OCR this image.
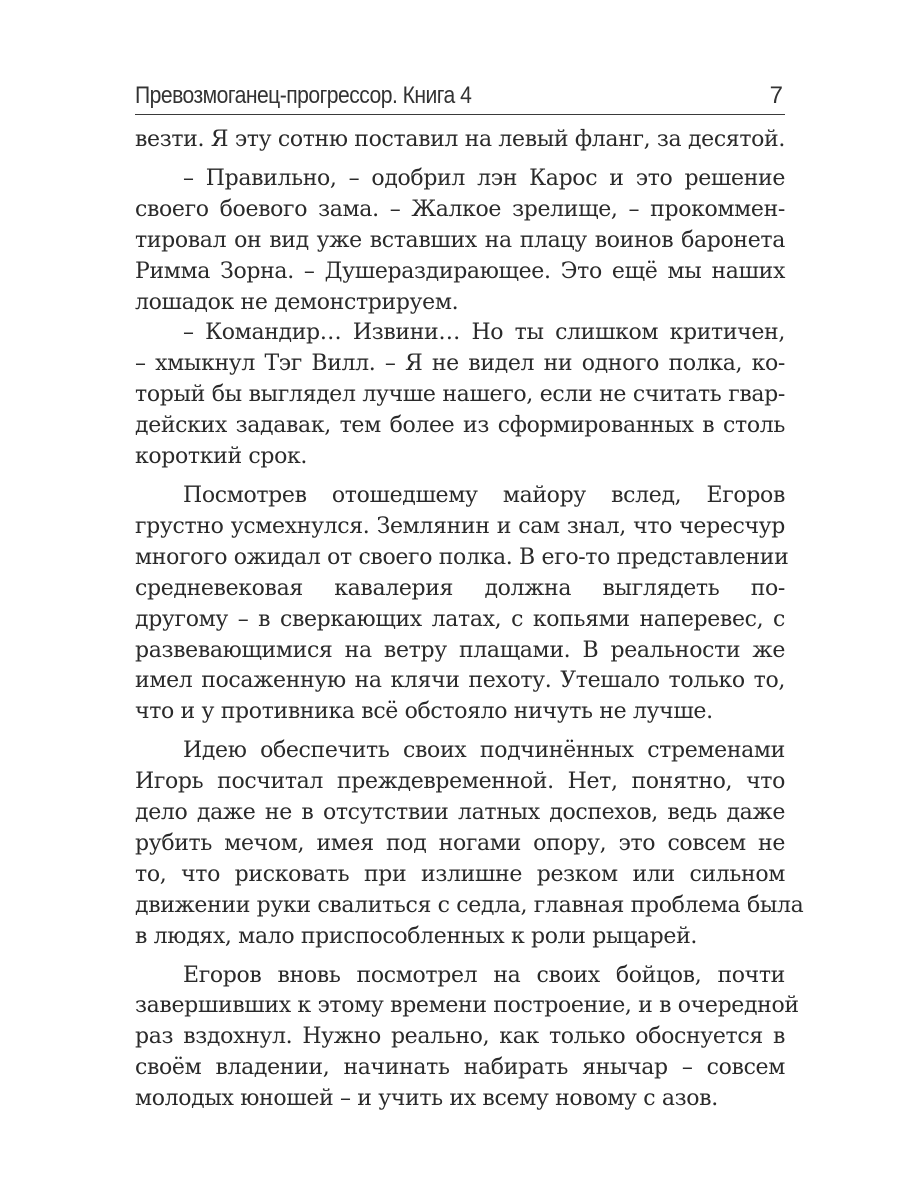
Превозмоганец-прогрессор. Книга 4	7

везти. Я эту сотню поставил на левый фланг, за десятой.

– Правильно, – одобрил лэн Карос и это решение
своего боевого зама. – Жалкое зрелище, – прокоммен-
тировал он вид уже вставших на плацу воинов баронета
Римма Зорна. – Душераздирающее. Это ещё мы наших
лошадок не демонстрируем.

– Командир… Извини… Но ты слишком критичен,
– хмыкнул Тэг Вилл. – Я не видел ни одного полка, ко-
торый бы выглядел лучше нашего, если не считать гвар-
дейских задавак, тем более из сформированных в столь
короткий срок.

Посмотрев отошедшему майору вслед, Егоров
грустно усмехнулся. Землянин и сам знал, что чересчур
многого ожидал от своего полка. В его-то представлении
средневековая кавалерия должна выглядеть по-
другому – в сверкающих латах, с копьями наперевес, с
развевающимися на ветру плащами. В реальности же
имел посаженную на клячи пехоту. Утешало только то,
что и у противника всё обстояло ничуть не лучше.

Идею обеспечить своих подчинённых стременами
Игорь посчитал преждевременной. Нет, понятно, что
дело даже не в отсутствии латных доспехов, ведь даже
рубить мечом, имея под ногами опору, это совсем не
то, что рисковать при излишне резком или сильном
движении руки свалиться с седла, главная проблема была
в людях, мало приспособленных к роли рыцарей.

Егоров вновь посмотрел на своих бойцов, почти
завершивших к этому времени построение, и в очередной
раз вздохнул. Нужно реально, как только обоснуется в
своём владении, начинать набирать янычар – совсем
молодых юношей – и учить их всему новому с азов.
